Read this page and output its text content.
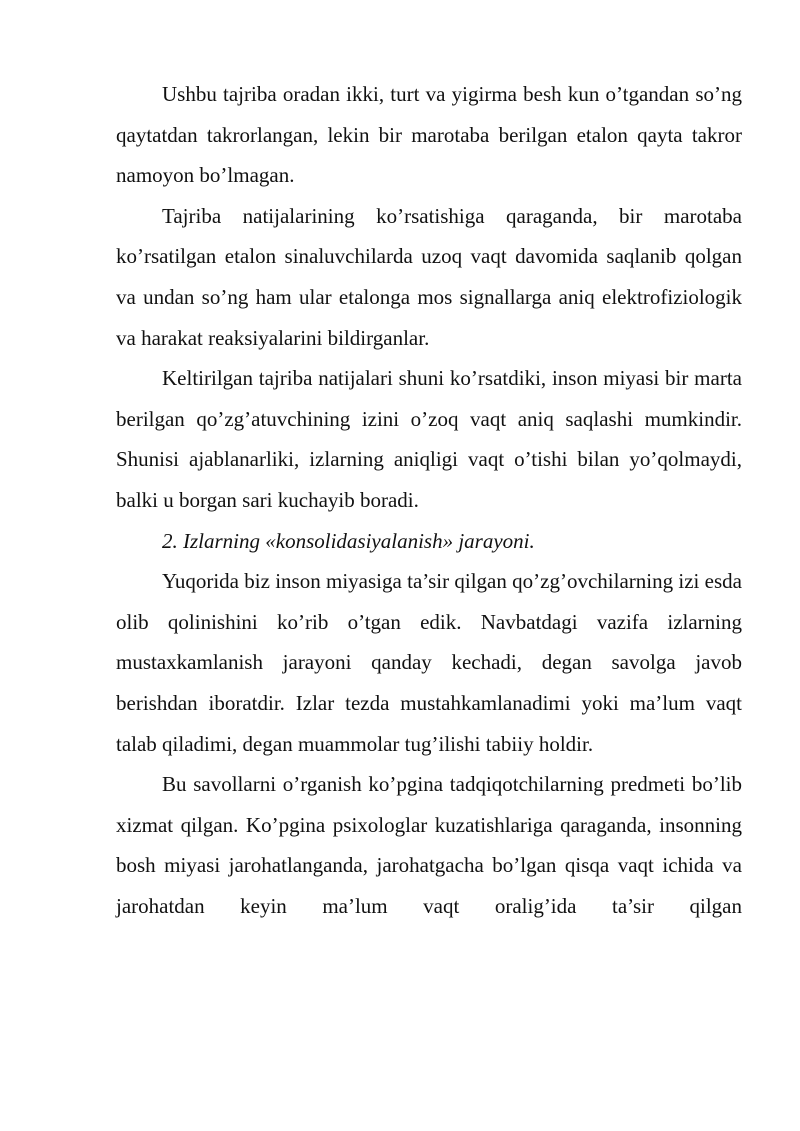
Ushbu tajriba oradan ikki, turt va yigirma besh kun o’tgandan so’ng qaytatdan takrorlangan, lekin bir marotaba berilgan etalon qayta takror namoyon bo’lmagan.

Tajriba natijalarining ko’rsatishiga qaraganda, bir marotaba ko’rsatilgan etalon sinaluvchilarda uzoq vaqt davomida saqlanib qolgan va undan so’ng ham ular etalonga mos signallarga aniq elektrofiziologik va harakat reaksiyalarini bildirganlar.

Keltirilgan tajriba natijalari shuni ko’rsatdiki, inson miyasi bir marta berilgan qo’zg’atuvchining izini o’zoq vaqt aniq saqlashi mumkindir. Shunisi ajablanarliki, izlarning aniqligi vaqt o’tishi bilan yo’qolmaydi, balki u borgan sari kuchayib boradi.

2. Izlarning «konsolidasiyalanish» jarayoni.

Yuqorida biz inson miyasiga ta’sir qilgan qo’zg’ovchilarning izi esda olib qolinishini ko’rib o’tgan edik. Navbatdagi vazifa izlarning mustaxkamlanish jarayoni qanday kechadi, degan savolga javob berishdan iboratdir. Izlar tezda mustahkamlanadimi yoki ma’lum vaqt talab qiladimi, degan muammolar tug’ilishi tabiiy holdir.

Bu savollarni o’rganish ko’pgina tadqiqotchilarning predmeti bo’lib xizmat qilgan. Ko’pgina psixologlar kuzatishlariga qaraganda, insonning bosh miyasi jarohatlanganda, jarohatgacha bo’lgan qisqa vaqt ichida va jarohatdan keyin ma’lum vaqt oralig’ida ta’sir qilgan
